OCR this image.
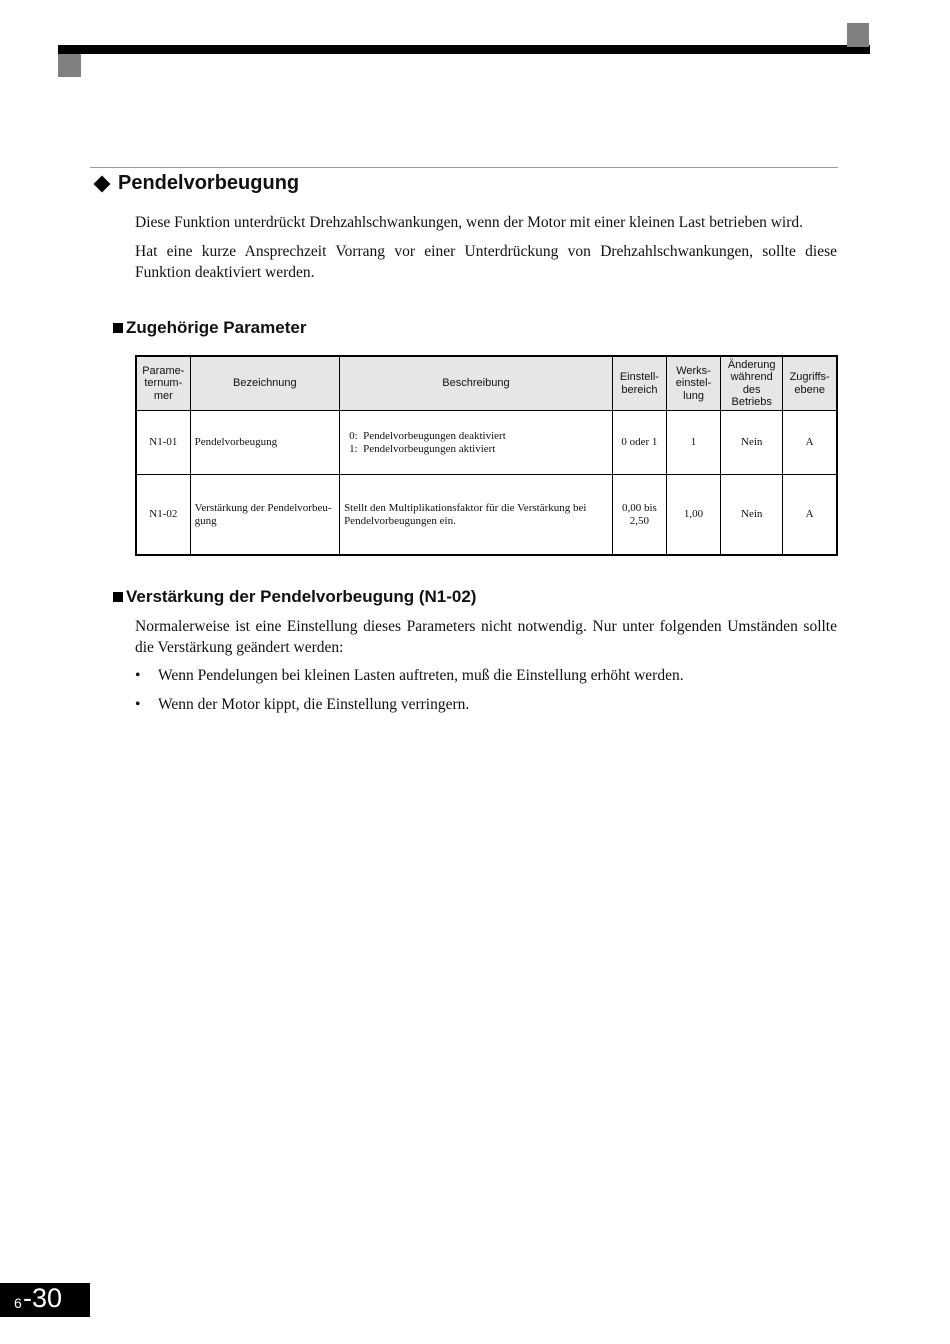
Pendelvorbeugung

Diese Funktion unterdrückt Drehzahlschwankungen, wenn der Motor mit einer kleinen Last betrieben wird.

Hat eine kurze Ansprechzeit Vorrang vor einer Unterdrückung von Drehzahlschwankungen, sollte diese Funktion deaktiviert werden.

Zugehörige Parameter
Parame-
ternum-
mer	Bezeichnung	Beschreibung	Einstell-
bereich	Werks-
einstel-
lung	Änderung
während
des
Betriebs	Zugriffs-
ebene
N1-01	Pendelvorbeugung	0:  Pendelvorbeugungen deaktiviert
1:  Pendelvorbeugungen aktiviert	0 oder 1	1	Nein	A
N1-02	Verstärkung der Pendelvorbeu-
gung	Stellt den Multiplikationsfaktor für die Verstärkung bei Pendelvorbeugungen ein.	0,00 bis
2,50	1,00	Nein	A
Verstärkung der Pendelvorbeugung (N1-02)

Normalerweise ist eine Einstellung dieses Parameters nicht notwendig. Nur unter folgenden Umständen sollte die Verstärkung geändert werden:

• Wenn Pendelungen bei kleinen Lasten auftreten, muß die Einstellung erhöht werden.
• Wenn der Motor kippt, die Einstellung verringern.
6 -30
